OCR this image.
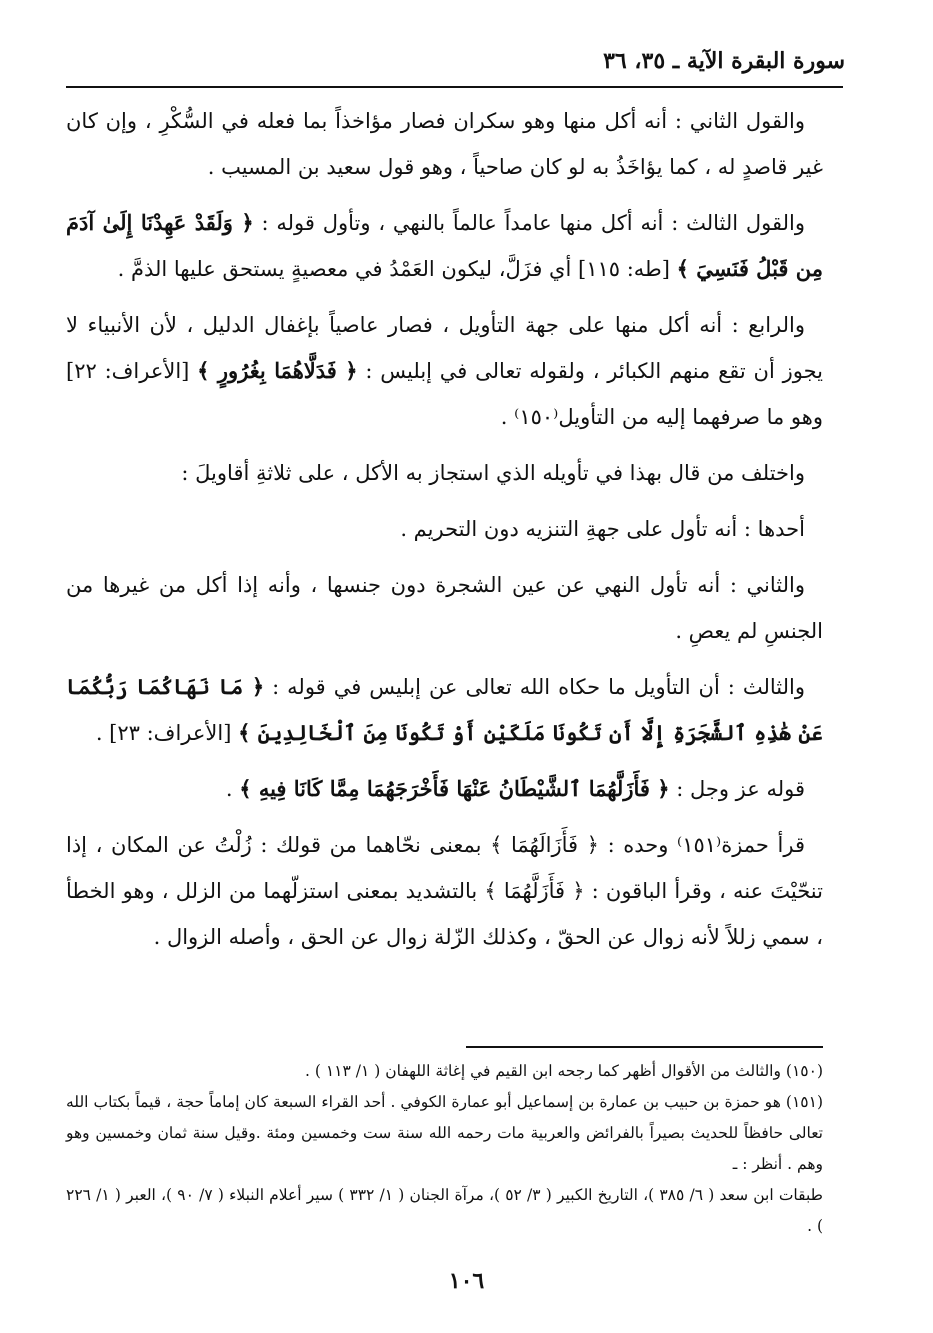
سورة البقرة الآية ـ ٣٥، ٣٦

والقول الثاني : أنه أكل منها وهو سكران فصار مؤاخذاً بما فعله في السُّكْرِ ، وإن كان غير قاصدٍ له ، كما يؤاخَذُ به لو كان صاحياً ، وهو قول سعيد بن المسيب .

والقول الثالث : أنه أكل منها عامداً عالماً بالنهي ، وتأول قوله : ﴿ وَلَقَدْ عَهِدْنَا إِلَىٰ آدَمَ مِن قَبْلُ فَنَسِيَ ﴾ [طه: ١١٥] أي فزَلَّ، ليكون العَمْدُ في معصيةٍ يستحق عليها الذمَّ .

والرابع : أنه أكل منها على جهة التأويل ، فصار عاصياً بإغفال الدليل ، لأن الأنبياء لا يجوز أن تقع منهم الكبائر ، ولقوله تعالى في إبليس : ﴿ فَدَلَّاهُمَا بِغُرُورٍ ﴾ [الأعراف: ٢٢] وهو ما صرفهما إليه من التأويل⁽١٥٠⁾ .

واختلف من قال بهذا في تأويله الذي استجاز به الأكل ، على ثلاثةِ أقاويلَ :

أحدها : أنه تأول على جهةِ التنزيه دون التحريم .

والثاني : أنه تأول النهي عن عين الشجرة دون جنسها ، وأنه إذا أكل من غيرها من الجنسِ لم يعصِ .

والثالث : أن التأويل ما حكاه الله تعالى عن إبليس في قوله : ﴿ مَا نَهَاكُمَا رَبُّكُمَا عَنْ هَٰذِهِ ٱلشَّجَرَةِ إِلَّا أَن تَكُونَا مَلَكَيْنِ أَوْ تَكُونَا مِنَ ٱلْخَالِدِينَ ﴾ [الأعراف: ٢٣] .

قوله عز وجل : ﴿ فَأَزَلَّهُمَا ٱلشَّيْطَانُ عَنْهَا فَأَخْرَجَهُمَا مِمَّا كَانَا فِيهِ ﴾ .

قرأ حمزة⁽١٥١⁾ وحده : ﴿ فَأَزَالَهُمَا ﴾ بمعنى نحّاهما من قولك : زُلْتُ عن المكان ، إذا تنحّيْتَ عنه ، وقرأ الباقون : ﴿ فَأَزَلَّهُمَا ﴾ بالتشديد بمعنى استزلّهما من الزلل ، وهو الخطأ ، سمي زللاً لأنه زوال عن الحقّ ، وكذلك الزّلة زوال عن الحق ، وأصله الزوال .

(١٥٠) والثالث من الأقوال أظهر كما رجحه ابن القيم في إغاثة اللهفان ( ١/ ١١٣ ) .

(١٥١) هو حمزة بن حبيب بن عمارة بن إسماعيل أبو عمارة الكوفي . أحد القراء السبعة كان إماماً حجة ، قيماً بكتاب الله تعالى حافظاً للحديث بصيراً بالفرائض والعربية مات رحمه الله سنة ست وخمسين ومئة .وقيل سنة ثمان وخمسين وهو وهم . أنظر : ـ

طبقات ابن سعد ( ٦/ ٣٨٥ )، التاريخ الكبير ( ٣/ ٥٢ )، مرآة الجنان ( ١/ ٣٣٢ ) سير أعلام النبلاء ( ٧/ ٩٠ )، العبر ( ١/ ٢٢٦ ) .

١٠٦
